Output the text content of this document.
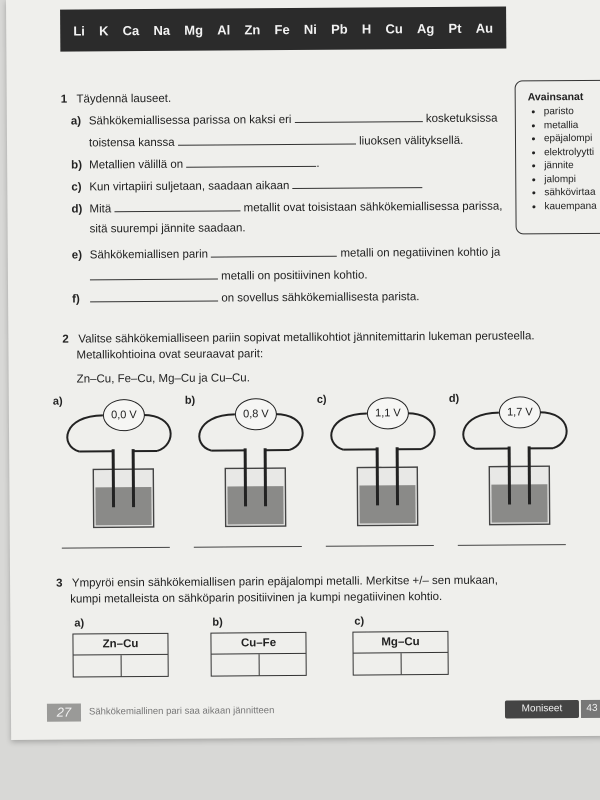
Li K Ca Na Mg Al Zn Fe Ni Pb H Cu Ag Pt Au
1 Täydennä lauseet.
a) Sähkökemiallisessa parissa on kaksi eri	kosketuksissa
toistensa kanssa	liuoksen välityksellä.
b) Metallien välillä on	.
c) Kun virtapiiri suljetaan, saadaan aikaan
d) Mitä	metallit ovat toisistaan sähkökemiallisessa parissa,
sitä suurempi jännite saadaan.
e) Sähkökemiallisen parin	metalli on negatiivinen kohtio ja
metalli on positiivinen kohtio.
f)	on sovellus sähkökemiallisesta parista.
Avainsanat
• paristo
• metallia
• epäjalompi
• elektrolyytti
• jännite
• jalompi
• sähkövirtaa
• kauempana
2 Valitse sähkökemialliseen pariin sopivat metallikohtiot jännitemittarin lukeman perusteella.
Metallikohtioina ovat seuraavat parit:
Zn–Cu, Fe–Cu, Mg–Cu ja Cu–Cu.
a)
0,0 V
b)
0,8 V
c)
1,1 V
d)
1,7 V
3 Ympyröi ensin sähkökemiallisen parin epäjalompi metalli. Merkitse +/– sen mukaan,
kumpi metalleista on sähköparin positiivinen ja kumpi negatiivinen kohtio.
a)
Zn–Cu
b)
Cu–Fe
c)
Mg–Cu
27	Sähkökemiallinen pari saa aikaan jännitteen	Moniseet	43
